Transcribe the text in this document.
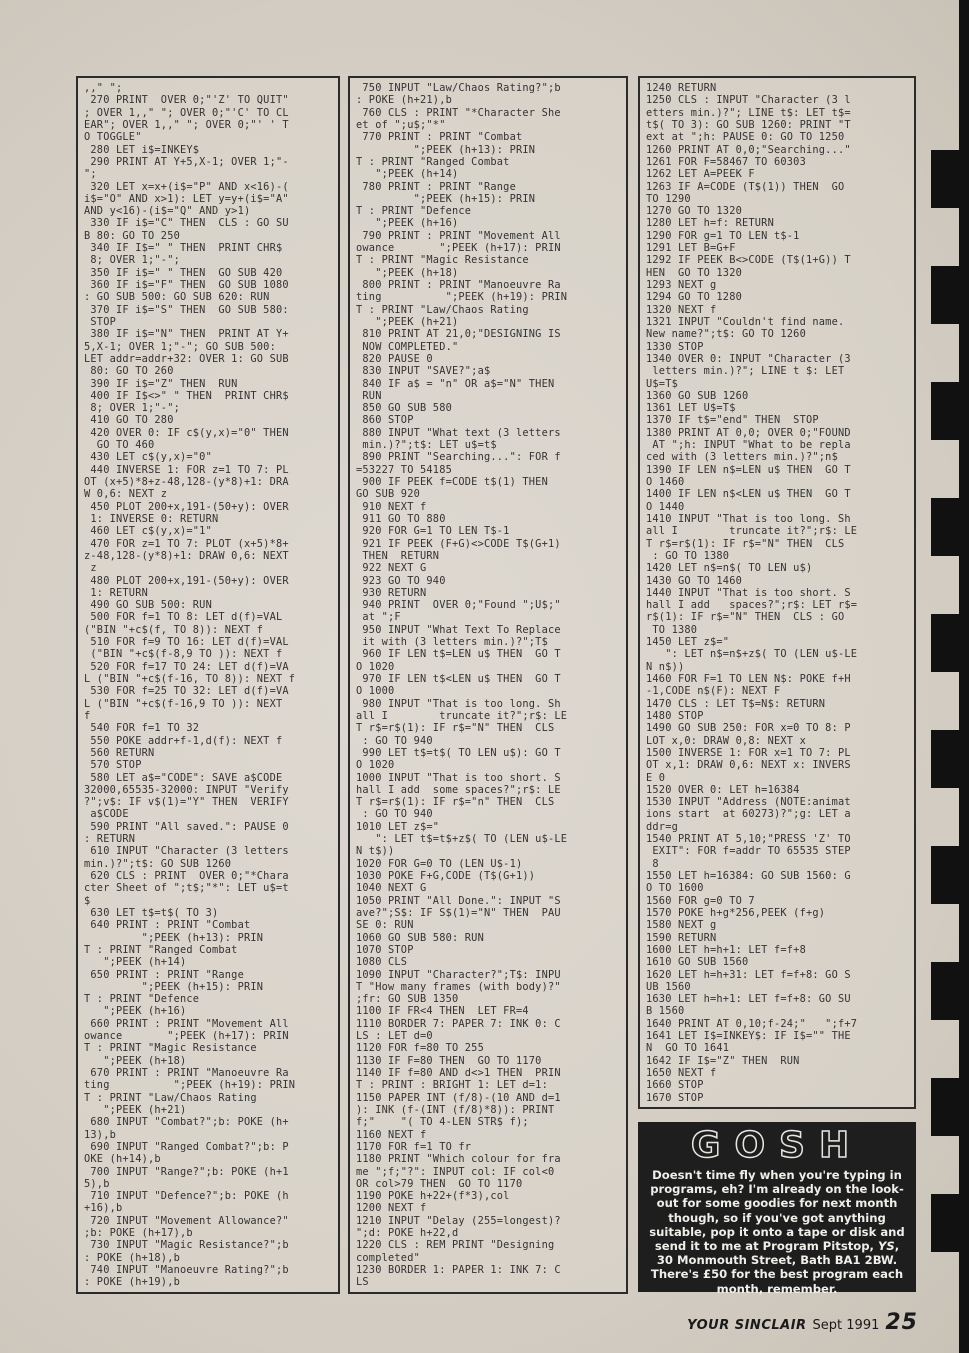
,," ";
270 PRINT  OVER 0;"'Z' TO QUIT"
; OVER 1,," "; OVER 0;"'C' TO CL
EAR"; OVER 1,," "; OVER 0;"' ' T
O TOGGLE"
280 LET i$=INKEY$
290 PRINT AT Y+5,X-1; OVER 1;"-
";
320 LET x=x+(i$="P" AND x<16)-(
i$="O" AND x>1): LET y=y+(i$="A"
AND y<16)-(i$="Q" AND y>1)
330 IF i$="C" THEN  CLS : GO SU
B 80: GO TO 250
340 IF I$=" " THEN  PRINT CHR$
8; OVER 1;"-";
350 IF i$=" " THEN  GO SUB 420
360 IF i$="F" THEN  GO SUB 1080
: GO SUB 500: GO SUB 620: RUN
370 IF i$="S" THEN  GO SUB 580:
STOP
380 IF i$="N" THEN  PRINT AT Y+
5,X-1; OVER 1;"-"; GO SUB 500:
LET addr=addr+32: OVER 1: GO SUB
80: GO TO 260
390 IF i$="Z" THEN  RUN
400 IF I$<>" " THEN  PRINT CHR$
8; OVER 1;"-";
410 GO TO 280
420 OVER 0: IF c$(y,x)="0" THEN
GO TO 460
430 LET c$(y,x)="0"
440 INVERSE 1: FOR z=1 TO 7: PL
OT (x+5)*8+z-48,128-(y*8)+1: DRA
W 0,6: NEXT z
450 PLOT 200+x,191-(50+y): OVER
1: INVERSE 0: RETURN
460 LET c$(y,x)="1"
470 FOR z=1 TO 7: PLOT (x+5)*8+
z-48,128-(y*8)+1: DRAW 0,6: NEXT
z
480 PLOT 200+x,191-(50+y): OVER
1: RETURN
490 GO SUB 500: RUN
500 FOR f=1 TO 8: LET d(f)=VAL
("BIN "+c$(f, TO 8)): NEXT f
510 FOR f=9 TO 16: LET d(f)=VAL
("BIN "+c$(f-8,9 TO )): NEXT f
520 FOR f=17 TO 24: LET d(f)=VA
L ("BIN "+c$(f-16, TO 8)): NEXT f
530 FOR f=25 TO 32: LET d(f)=VA
L ("BIN "+c$(f-16,9 TO )): NEXT
f
540 FOR f=1 TO 32
550 POKE addr+f-1,d(f): NEXT f
560 RETURN
570 STOP
580 LET a$="CODE": SAVE a$CODE
32000,65535-32000: INPUT "Verify
?";v$: IF v$(1)="Y" THEN  VERIFY
a$CODE
590 PRINT "All saved.": PAUSE 0
: RETURN
610 INPUT "Character (3 letters
min.)?";t$: GO SUB 1260
620 CLS : PRINT  OVER 0;"*Chara
cter Sheet of ";t$;"*": LET u$=t
$
630 LET t$=t$( TO 3)
640 PRINT : PRINT "Combat
";PEEK (h+13): PRIN
T : PRINT "Ranged Combat
";PEEK (h+14)
650 PRINT : PRINT "Range
";PEEK (h+15): PRIN
T : PRINT "Defence
";PEEK (h+16)
660 PRINT : PRINT "Movement All
owance       ";PEEK (h+17): PRIN
T : PRINT "Magic Resistance
";PEEK (h+18)
670 PRINT : PRINT "Manoeuvre Ra
ting          ";PEEK (h+19): PRIN
T : PRINT "Law/Chaos Rating
";PEEK (h+21)
680 INPUT "Combat?";b: POKE (h+
13),b
690 INPUT "Ranged Combat?";b: P
OKE (h+14),b
700 INPUT "Range?";b: POKE (h+1
5),b
710 INPUT "Defence?";b: POKE (h
+16),b
720 INPUT "Movement Allowance?"
;b: POKE (h+17),b
730 INPUT "Magic Resistance?";b
: POKE (h+18),b
740 INPUT "Manoeuvre Rating?";b
: POKE (h+19),b
750 INPUT "Law/Chaos Rating?";b
: POKE (h+21),b
760 CLS : PRINT "*Character She
et of ";u$;"*"
770 PRINT : PRINT "Combat
";PEEK (h+13): PRIN
T : PRINT "Ranged Combat
";PEEK (h+14)
780 PRINT : PRINT "Range
";PEEK (h+15): PRIN
T : PRINT "Defence
";PEEK (h+16)
790 PRINT : PRINT "Movement All
owance       ";PEEK (h+17): PRIN
T : PRINT "Magic Resistance
";PEEK (h+18)
800 PRINT : PRINT "Manoeuvre Ra
ting          ";PEEK (h+19): PRIN
T : PRINT "Law/Chaos Rating
";PEEK (h+21)
810 PRINT AT 21,0;"DESIGNING IS
NOW COMPLETED."
820 PAUSE 0
830 INPUT "SAVE?";a$
840 IF a$ = "n" OR a$="N" THEN
RUN
850 GO SUB 580
860 STOP
880 INPUT "What text (3 letters
min.)?";t$: LET u$=t$
890 PRINT "Searching...": FOR f
=53227 TO 54185
900 IF PEEK f=CODE t$(1) THEN
GO SUB 920
910 NEXT f
911 GO TO 880
920 FOR G=1 TO LEN T$-1
921 IF PEEK (F+G)<>CODE T$(G+1)
THEN  RETURN
922 NEXT G
923 GO TO 940
930 RETURN
940 PRINT  OVER 0;"Found ";U$;"
at ";F
950 INPUT "What Text To Replace
it with (3 letters min.)?";T$
960 IF LEN t$=LEN u$ THEN  GO T
O 1020
970 IF LEN t$<LEN u$ THEN  GO T
O 1000
980 INPUT "That is too long. Sh
all I        truncate it?";r$: LE
T r$=r$(1): IF r$="N" THEN  CLS
: GO TO 940
990 LET t$=t$( TO LEN u$): GO T
O 1020
1000 INPUT "That is too short. S
hall I add  some spaces?";r$: LE
T r$=r$(1): IF r$="n" THEN  CLS
: GO TO 940
1010 LET z$="
": LET t$=t$+z$( TO (LEN u$-LE
N t$))
1020 FOR G=0 TO (LEN U$-1)
1030 POKE F+G,CODE (T$(G+1))
1040 NEXT G
1050 PRINT "All Done.": INPUT "S
ave?";S$: IF S$(1)="N" THEN  PAU
SE 0: RUN
1060 GO SUB 580: RUN
1070 STOP
1080 CLS
1090 INPUT "Character?";T$: INPU
T "How many frames (with body)?"
;fr: GO SUB 1350
1100 IF FR<4 THEN  LET FR=4
1110 BORDER 7: PAPER 7: INK 0: C
LS : LET d=0
1120 FOR f=80 TO 255
1130 IF F=80 THEN  GO TO 1170
1140 IF f=80 AND d<>1 THEN  PRIN
T : PRINT : BRIGHT 1: LET d=1:
1150 PAPER INT (f/8)-(10 AND d=1
): INK (f-(INT (f/8)*8)): PRINT
f;"    "( TO 4-LEN STR$ f);
1160 NEXT f
1170 FOR f=1 TO fr
1180 PRINT "Which colour for fra
me ";f;"?": INPUT col: IF col<0
OR col>79 THEN  GO TO 1170
1190 POKE h+22+(f*3),col
1200 NEXT f
1210 INPUT "Delay (255=longest)?
";d: POKE h+22,d
1220 CLS : REM PRINT "Designing
completed"
1230 BORDER 1: PAPER 1: INK 7: C
LS
1240 RETURN
1250 CLS : INPUT "Character (3 l
etters min.)?"; LINE t$: LET t$=
t$( TO 3): GO SUB 1260: PRINT "T
ext at ";h: PAUSE 0: GO TO 1250
1260 PRINT AT 0,0;"Searching..."
1261 FOR F=58467 TO 60303
1262 LET A=PEEK F
1263 IF A=CODE (T$(1)) THEN  GO
TO 1290
1270 GO TO 1320
1280 LET h=f: RETURN
1290 FOR g=1 TO LEN t$-1
1291 LET B=G+F
1292 IF PEEK B<>CODE (T$(1+G)) T
HEN  GO TO 1320
1293 NEXT g
1294 GO TO 1280
1320 NEXT f
1321 INPUT "Couldn't find name.
New name?";t$: GO TO 1260
1330 STOP
1340 OVER 0: INPUT "Character (3
letters min.)?"; LINE t $: LET
U$=T$
1360 GO SUB 1260
1361 LET U$=T$
1370 IF t$="end" THEN  STOP
1380 PRINT AT 0,0; OVER 0;"FOUND
AT ";h: INPUT "What to be repla
ced with (3 letters min.)?";n$
1390 IF LEN n$=LEN u$ THEN  GO T
O 1460
1400 IF LEN n$<LEN u$ THEN  GO T
O 1440
1410 INPUT "That is too long. Sh
all I        truncate it?";r$: LE
T r$=r$(1): IF r$="N" THEN  CLS
: GO TO 1380
1420 LET n$=n$( TO LEN u$)
1430 GO TO 1460
1440 INPUT "That is too short. S
hall I add   spaces?";r$: LET r$=
r$(1): IF r$="N" THEN  CLS : GO
TO 1380
1450 LET z$="
": LET n$=n$+z$( TO (LEN u$-LE
N n$))
1460 FOR F=1 TO LEN N$: POKE f+H
-1,CODE n$(F): NEXT F
1470 CLS : LET T$=N$: RETURN
1480 STOP
1490 GO SUB 250: FOR x=0 TO 8: P
LOT x,0: DRAW 0,8: NEXT x
1500 INVERSE 1: FOR x=1 TO 7: PL
OT x,1: DRAW 0,6: NEXT x: INVERS
E 0
1520 OVER 0: LET h=16384
1530 INPUT "Address (NOTE:animat
ions start  at 60273)?";g: LET a
ddr=g
1540 PRINT AT 5,10;"PRESS 'Z' TO
EXIT": FOR f=addr TO 65535 STEP
8
1550 LET h=16384: GO SUB 1560: G
O TO 1600
1560 FOR g=0 TO 7
1570 POKE h+g*256,PEEK (f+g)
1580 NEXT g
1590 RETURN
1600 LET h=h+1: LET f=f+8
1610 GO SUB 1560
1620 LET h=h+31: LET f=f+8: GO S
UB 1560
1630 LET h=h+1: LET f=f+8: GO SU
B 1560
1640 PRINT AT 0,10;f-24;"   ";f+7
1641 LET I$=INKEY$: IF I$="" THE
N  GO TO 1641
1642 IF I$="Z" THEN  RUN
1650 NEXT f
1660 STOP
1670 STOP
GOSH
Doesn't time fly when you're typing in programs, eh? I'm already on the look-out for some goodies for next month though, so if you've got anything suitable, pop it onto a tape or disk and send it to me at Program Pitstop, YS, 30 Monmouth Street, Bath BA1 2BW. There's £50 for the best program each month, remember.
YOUR SINCLAIR Sept 1991 25
